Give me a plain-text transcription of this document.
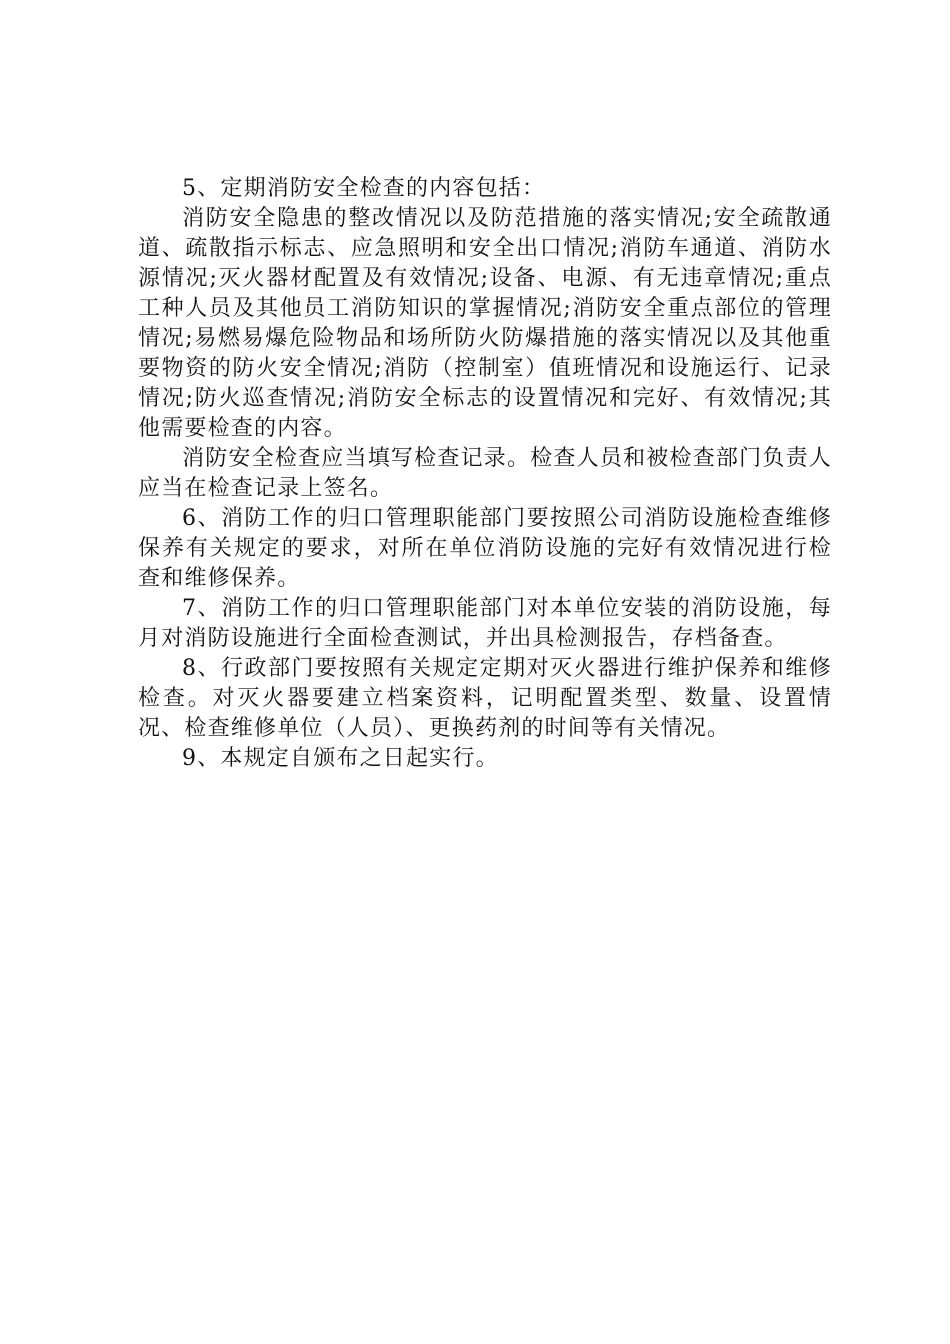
5、定期消防安全检查的内容包括：

消防安全隐患的整改情况以及防范措施的落实情况;安全疏散通道、疏散指示标志、应急照明和安全出口情况;消防车通道、消防水源情况;灭火器材配置及有效情况;设备、电源、有无违章情况;重点工种人员及其他员工消防知识的掌握情况;消防安全重点部位的管理情况;易燃易爆危险物品和场所防火防爆措施的落实情况以及其他重要物资的防火安全情况;消防（控制室）值班情况和设施运行、记录情况;防火巡查情况;消防安全标志的设置情况和完好、有效情况;其他需要检查的内容。

消防安全检查应当填写检查记录。检查人员和被检查部门负责人应当在检查记录上签名。

6、消防工作的归口管理职能部门要按照公司消防设施检查维修保养有关规定的要求，对所在单位消防设施的完好有效情况进行检查和维修保养。

7、消防工作的归口管理职能部门对本单位安装的消防设施，每月对消防设施进行全面检查测试，并出具检测报告，存档备查。

8、行政部门要按照有关规定定期对灭火器进行维护保养和维修检查。对灭火器要建立档案资料，记明配置类型、数量、设置情况、检查维修单位（人员）、更换药剂的时间等有关情况。

9、本规定自颁布之日起实行。
